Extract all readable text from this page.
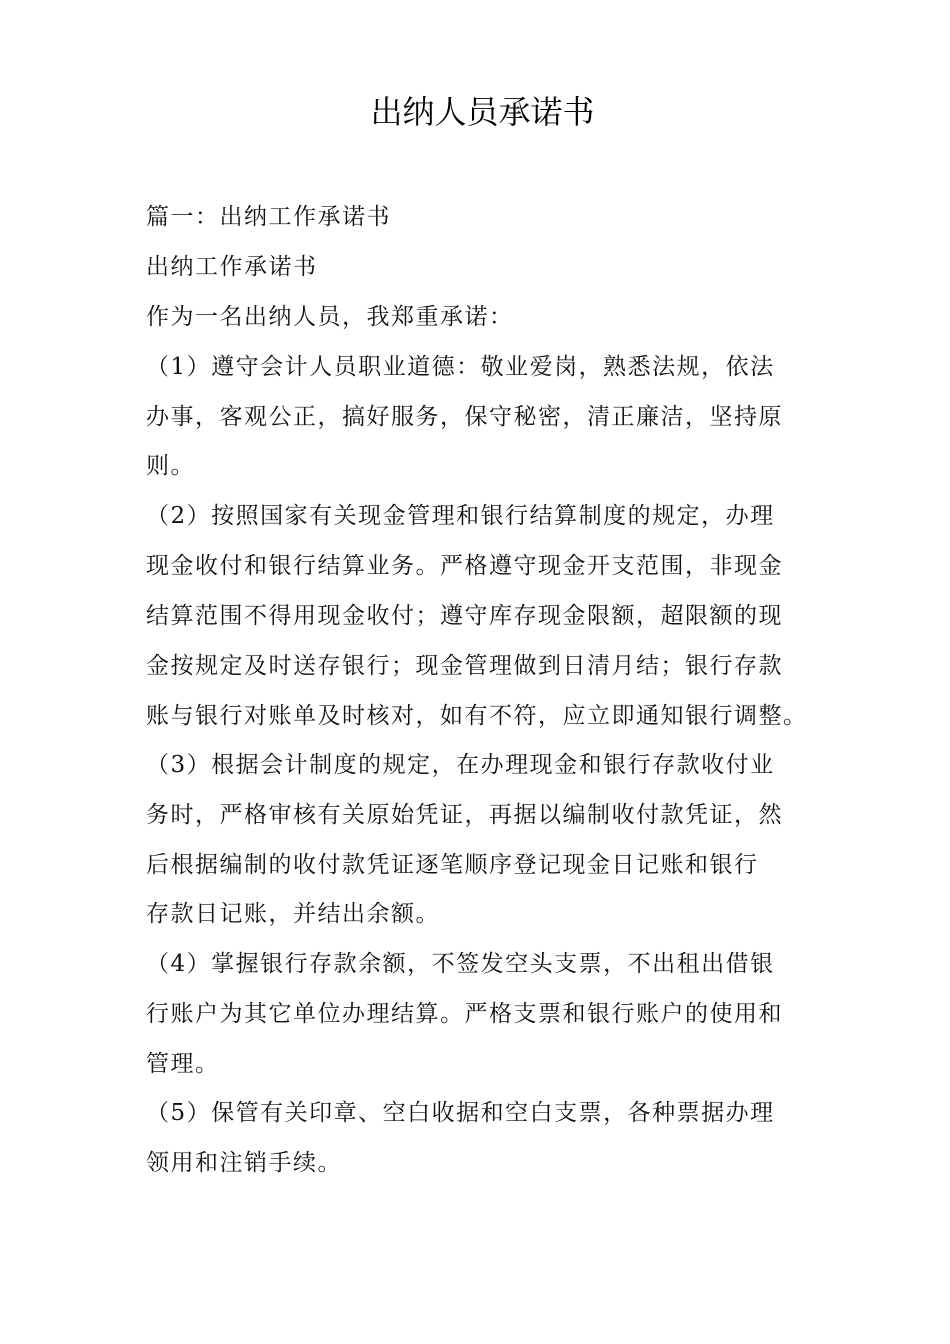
出纳人员承诺书
篇一：出纳工作承诺书
出纳工作承诺书
作为一名出纳人员，我郑重承诺：
（1）遵守会计人员职业道德：敬业爱岗，熟悉法规，依法
办事，客观公正，搞好服务，保守秘密，清正廉洁，坚持原
则。
（2）按照国家有关现金管理和银行结算制度的规定，办理
现金收付和银行结算业务。严格遵守现金开支范围，非现金
结算范围不得用现金收付；遵守库存现金限额，超限额的现
金按规定及时送存银行；现金管理做到日清月结；银行存款
账与银行对账单及时核对，如有不符，应立即通知银行调整。
（3）根据会计制度的规定，在办理现金和银行存款收付业
务时，严格审核有关原始凭证，再据以编制收付款凭证，然
后根据编制的收付款凭证逐笔顺序登记现金日记账和银行
存款日记账，并结出余额。
（4）掌握银行存款余额，不签发空头支票，不出租出借银
行账户为其它单位办理结算。严格支票和银行账户的使用和
管理。
（5）保管有关印章、空白收据和空白支票，各种票据办理
领用和注销手续。
